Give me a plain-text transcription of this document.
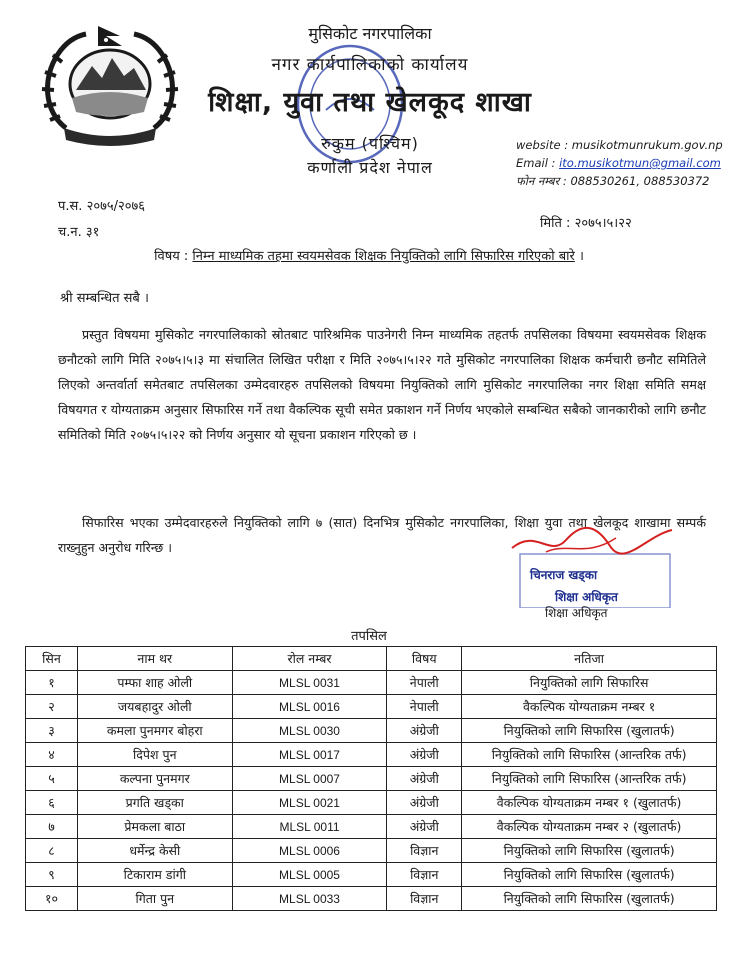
मुसिकोट नगरपालिका
नगर कार्यपालिकाको कार्यालय
शिक्षा, युवा तथा खेलकूद शाखा
रुकुम (पश्चिम)
कर्णाली प्रदेश नेपाल
website : musikotmunrukum.gov.np
Email : ito.musikotmun@gmail.com
फोन नम्बर : 088530261, 088530372
प.स. २०७५/२०७६
च.न. ३१
मिति : २०७५।५।२२
विषय : निम्न माध्यमिक तहमा स्वयमसेवक शिक्षक नियुक्तिको लागि सिफारिस गरिएको बारे ।
श्री सम्बन्धित सबै ।
प्रस्तुत विषयमा मुसिकोट नगरपालिकाको स्रोतबाट पारिश्रमिक पाउनेगरी निम्न माध्यमिक तहतर्फ तपसिलका विषयमा स्वयमसेवक शिक्षक छनौटको लागि मिति २०७५।५।३ मा संचालित लिखित परीक्षा र मिति २०७५।५।२२ गते मुसिकोट नगरपालिका शिक्षक कर्मचारी छनौट समितिले लिएको अन्तर्वार्ता समेतबाट तपसिलका उम्मेदवारहरु तपसिलको विषयमा नियुक्तिको लागि मुसिकोट नगरपालिका नगर शिक्षा समिति समक्ष विषयगत र योग्यताक्रम अनुसार सिफारिस गर्ने तथा वैकल्पिक सूची समेत प्रकाशन गर्ने निर्णय भएकोले सम्बन्धित सबैको जानकारीको लागि छनौट समितिको मिति २०७५।५।२२ को निर्णय अनुसार यो सूचना प्रकाशन गरिएको छ ।
सिफारिस भएका उम्मेदवारहरुले नियुक्तिको लागि ७ (सात) दिनभित्र मुसिकोट नगरपालिका, शिक्षा युवा तथा खेलकूद शाखामा सम्पर्क राख्नुहुन अनुरोध गरिन्छ ।
चिनराज खड्का
शिक्षा अधिकृत
शिक्षा अधिकृत
तपसिल
सिन	नाम थर	रोल नम्बर	विषय	नतिजा
१	पम्फा शाह ओली	MLSL 0031	नेपाली	नियुक्तिको लागि सिफारिस
२	जयबहादुर ओली	MLSL 0016	नेपाली	वैकल्पिक योग्यताक्रम नम्बर १
३	कमला पुनमगर बोहरा	MLSL 0030	अंग्रेजी	नियुक्तिको लागि सिफारिस (खुलातर्फ)
४	दिपेश पुन	MLSL 0017	अंग्रेजी	नियुक्तिको लागि सिफारिस (आन्तरिक तर्फ)
५	कल्पना पुनमगर	MLSL 0007	अंग्रेजी	नियुक्तिको लागि सिफारिस (आन्तरिक तर्फ)
६	प्रगति खड्का	MLSL 0021	अंग्रेजी	वैकल्पिक योग्यताक्रम नम्बर १ (खुलातर्फ)
७	प्रेमकला बाठा	MLSL 0011	अंग्रेजी	वैकल्पिक योग्यताक्रम नम्बर २ (खुलातर्फ)
८	धर्मेन्द्र केसी	MLSL 0006	विज्ञान	नियुक्तिको लागि सिफारिस (खुलातर्फ)
९	टिकाराम डांगी	MLSL 0005	विज्ञान	नियुक्तिको लागि सिफारिस (खुलातर्फ)
१०	गिता पुन	MLSL 0033	विज्ञान	नियुक्तिको लागि सिफारिस (खुलातर्फ)
